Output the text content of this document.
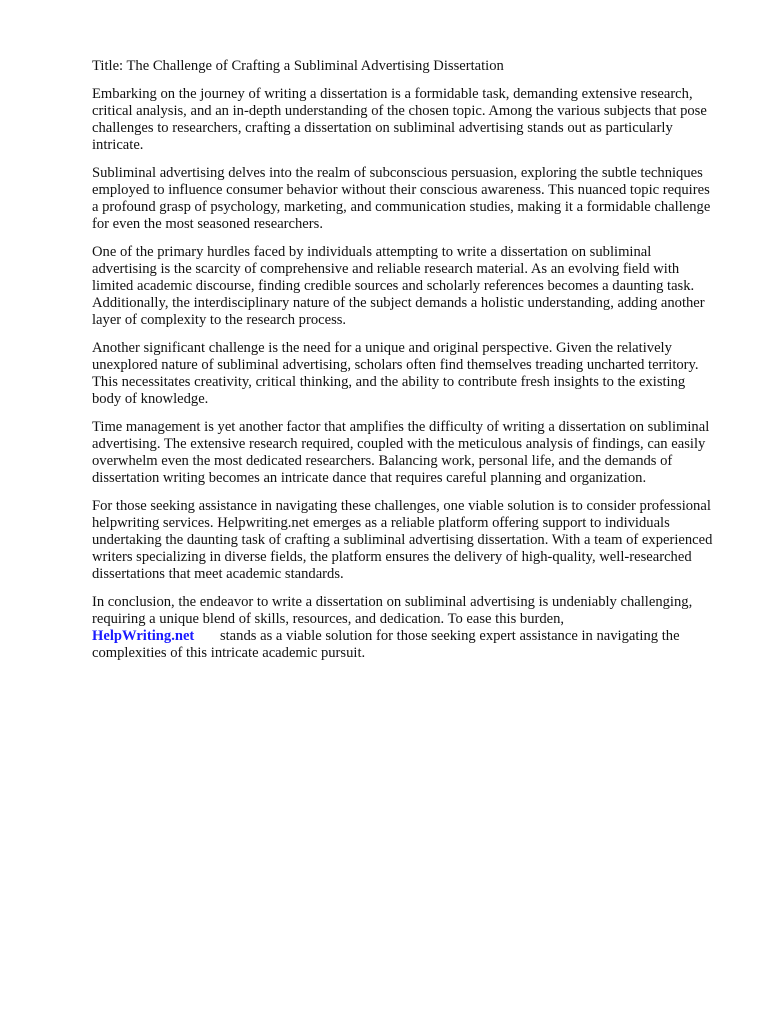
Title: The Challenge of Crafting a Subliminal Advertising Dissertation

Embarking on the journey of writing a dissertation is a formidable task, demanding extensive research, critical analysis, and an in-depth understanding of the chosen topic. Among the various subjects that pose challenges to researchers, crafting a dissertation on subliminal advertising stands out as particularly intricate.

Subliminal advertising delves into the realm of subconscious persuasion, exploring the subtle techniques employed to influence consumer behavior without their conscious awareness. This nuanced topic requires a profound grasp of psychology, marketing, and communication studies, making it a formidable challenge for even the most seasoned researchers.

One of the primary hurdles faced by individuals attempting to write a dissertation on subliminal advertising is the scarcity of comprehensive and reliable research material. As an evolving field with limited academic discourse, finding credible sources and scholarly references becomes a daunting task. Additionally, the interdisciplinary nature of the subject demands a holistic understanding, adding another layer of complexity to the research process.

Another significant challenge is the need for a unique and original perspective. Given the relatively unexplored nature of subliminal advertising, scholars often find themselves treading uncharted territory. This necessitates creativity, critical thinking, and the ability to contribute fresh insights to the existing body of knowledge.

Time management is yet another factor that amplifies the difficulty of writing a dissertation on subliminal advertising. The extensive research required, coupled with the meticulous analysis of findings, can easily overwhelm even the most dedicated researchers. Balancing work, personal life, and the demands of dissertation writing becomes an intricate dance that requires careful planning and organization.

For those seeking assistance in navigating these challenges, one viable solution is to consider professional helpwriting services. Helpwriting.net emerges as a reliable platform offering support to individuals undertaking the daunting task of crafting a subliminal advertising dissertation. With a team of experienced writers specializing in diverse fields, the platform ensures the delivery of high-quality, well-researched dissertations that meet academic standards.

In conclusion, the endeavor to write a dissertation on subliminal advertising is undeniably challenging, requiring a unique blend of skills, resources, and dedication. To ease this burden,
HelpWriting.net stands as a viable solution for those seeking expert assistance in navigating the complexities of this intricate academic pursuit.
